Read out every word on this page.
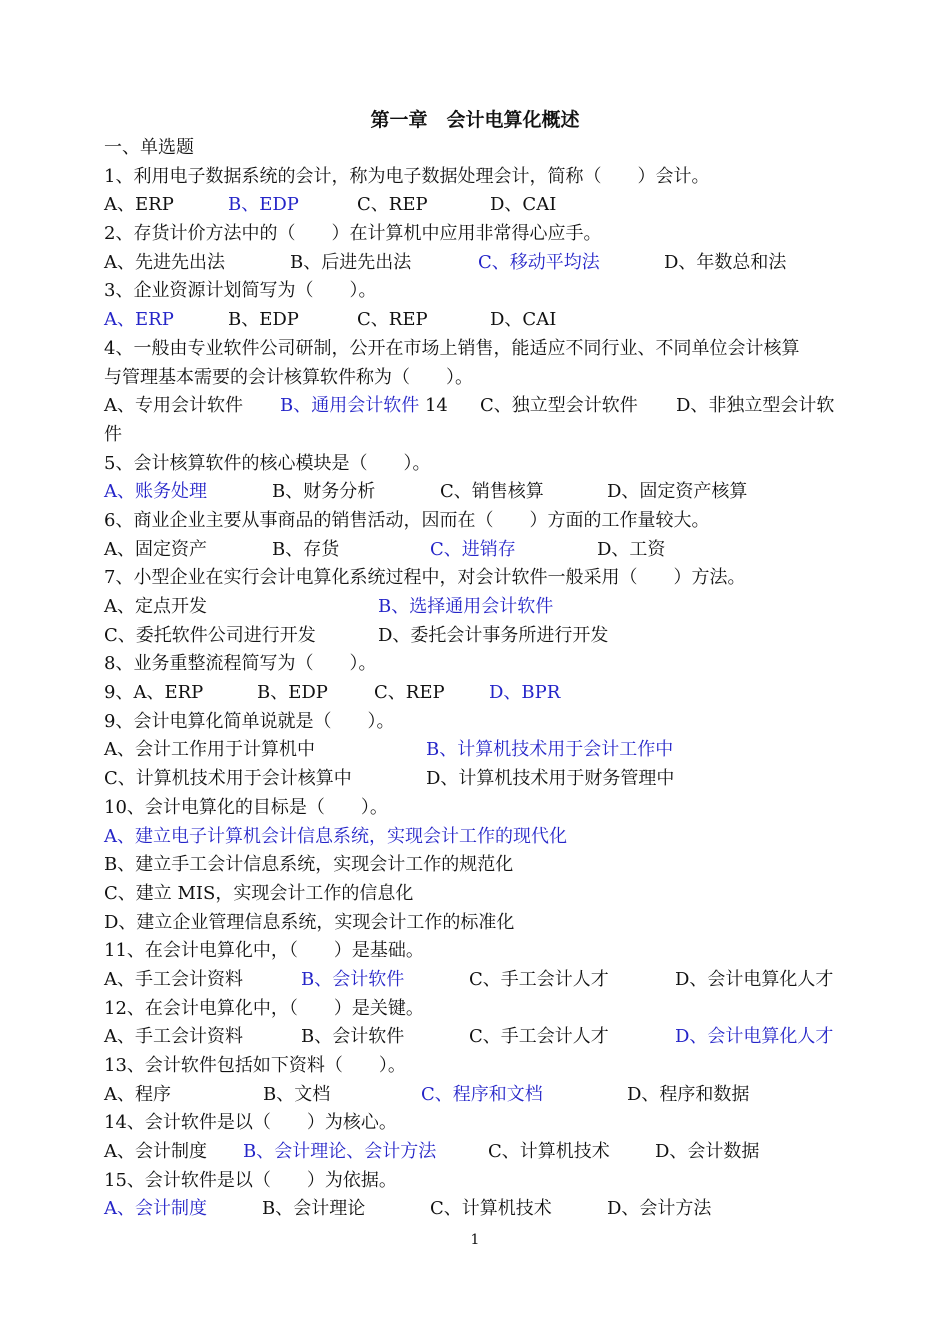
第一章　会计电算化概述
一、单选题
1、利用电子数据系统的会计，称为电子数据处理会计，简称（　　）会计。
A、ERP	B、EDP	C、REP	D、CAI
2、存货计价方法中的（　　）在计算机中应用非常得心应手。
A、先进先出法	B、后进先出法	C、移动平均法	D、年数总和法
3、企业资源计划简写为（　　）。
A、ERP	B、EDP	C、REP	D、CAI
4、一般由专业软件公司研制，公开在市场上销售，能适应不同行业、不同单位会计核算
与管理基本需要的会计核算软件称为（　　）。
A、专用会计软件 B、通用会计软件 14 C、独立型会计软件 D、非独立型会计软
件
5、会计核算软件的核心模块是（　　）。
A、账务处理	B、财务分析	C、销售核算	D、固定资产核算
6、商业企业主要从事商品的销售活动，因而在（　　）方面的工作量较大。
A、固定资产	B、存货	C、进销存	D、工资
7、小型企业在实行会计电算化系统过程中，对会计软件一般采用（　　）方法。
A、定点开发	B、选择通用会计软件
C、委托软件公司进行开发	D、委托会计事务所进行开发
8、业务重整流程简写为（　　）。
9、A、ERP	B、EDP	C、REP D、BPR
9、会计电算化简单说就是（　　）。
A、会计工作用于计算机中	B、计算机技术用于会计工作中
C、计算机技术用于会计核算中	D、计算机技术用于财务管理中
10、会计电算化的目标是（　　）。
A、建立电子计算机会计信息系统，实现会计工作的现代化
B、建立手工会计信息系统，实现会计工作的规范化
C、建立 MIS，实现会计工作的信息化
D、建立企业管理信息系统，实现会计工作的标准化
11、在会计电算化中，（　　）是基础。
A、手工会计资料	B、会计软件	C、手工会计人才	D、会计电算化人才
12、在会计电算化中，（　　）是关键。
A、手工会计资料	B、会计软件	C、手工会计人才	D、会计电算化人才
13、会计软件包括如下资料（　　）。
A、程序	B、文档	C、程序和文档	D、程序和数据
14、会计软件是以（　　）为核心。
A、会计制度 B、会计理论、会计方法	C、计算机技术	D、会计数据
15、会计软件是以（　　）为依据。
A、会计制度	B、会计理论	C、计算机技术	D、会计方法
1
